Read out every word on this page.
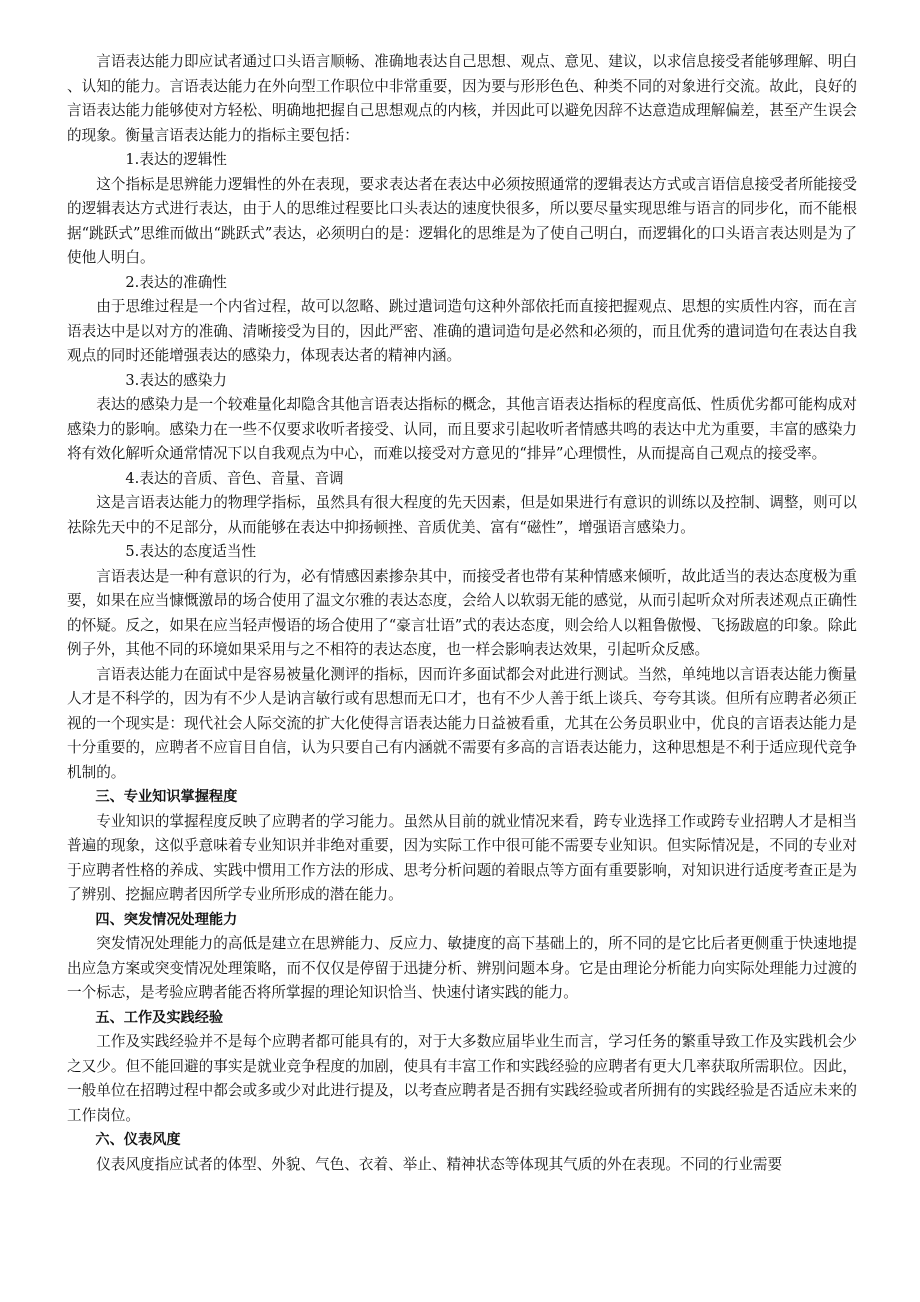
言语表达能力即应试者通过口头语言顺畅、准确地表达自己思想、观点、意见、建议，以求信息接受者能够理解、明白、认知的能力。言语表达能力在外向型工作职位中非常重要，因为要与形形色色、种类不同的对象进行交流。故此，良好的言语表达能力能够使对方轻松、明确地把握自己思想观点的内核，并因此可以避免因辞不达意造成理解偏差，甚至产生误会的现象。衡量言语表达能力的指标主要包括：

1.表达的逻辑性

这个指标是思辨能力逻辑性的外在表现，要求表达者在表达中必须按照通常的逻辑表达方式或言语信息接受者所能接受的逻辑表达方式进行表达，由于人的思维过程要比口头表达的速度快很多，所以要尽量实现思维与语言的同步化，而不能根据“跳跃式”思维而做出“跳跃式”表达，必须明白的是：逻辑化的思维是为了使自己明白，而逻辑化的口头语言表达则是为了使他人明白。

2.表达的准确性

由于思维过程是一个内省过程，故可以忽略、跳过遣词造句这种外部依托而直接把握观点、思想的实质性内容，而在言语表达中是以对方的准确、清晰接受为目的，因此严密、准确的遣词造句是必然和必须的，而且优秀的遣词造句在表达自我观点的同时还能增强表达的感染力，体现表达者的精神内涵。

3.表达的感染力

表达的感染力是一个较难量化却隐含其他言语表达指标的概念，其他言语表达指标的程度高低、性质优劣都可能构成对感染力的影响。感染力在一些不仅要求收听者接受、认同，而且要求引起收听者情感共鸣的表达中尤为重要，丰富的感染力将有效化解听众通常情况下以自我观点为中心，而难以接受对方意见的“排异”心理惯性，从而提高自己观点的接受率。

4.表达的音质、音色、音量、音调

这是言语表达能力的物理学指标，虽然具有很大程度的先天因素，但是如果进行有意识的训练以及控制、调整，则可以祛除先天中的不足部分，从而能够在表达中抑扬顿挫、音质优美、富有“磁性”，增强语言感染力。

5.表达的态度适当性

言语表达是一种有意识的行为，必有情感因素掺杂其中，而接受者也带有某种情感来倾听，故此适当的表达态度极为重要，如果在应当慷慨激昂的场合使用了温文尔雅的表达态度，会给人以软弱无能的感觉，从而引起听众对所表述观点正确性的怀疑。反之，如果在应当轻声慢语的场合使用了“豪言壮语”式的表达态度，则会给人以粗鲁傲慢、飞扬跋扈的印象。除此例子外，其他不同的环境如果采用与之不相符的表达态度，也一样会影响表达效果，引起听众反感。

言语表达能力在面试中是容易被量化测评的指标，因而许多面试都会对此进行测试。当然，单纯地以言语表达能力衡量人才是不科学的，因为有不少人是讷言敏行或有思想而无口才，也有不少人善于纸上谈兵、夸夸其谈。但所有应聘者必须正视的一个现实是：现代社会人际交流的扩大化使得言语表达能力日益被看重，尤其在公务员职业中，优良的言语表达能力是十分重要的，应聘者不应盲目自信，认为只要自己有内涵就不需要有多高的言语表达能力，这种思想是不利于适应现代竞争机制的。

三、专业知识掌握程度

专业知识的掌握程度反映了应聘者的学习能力。虽然从目前的就业情况来看，跨专业选择工作或跨专业招聘人才是相当普遍的现象，这似乎意味着专业知识并非绝对重要，因为实际工作中很可能不需要专业知识。但实际情况是，不同的专业对于应聘者性格的养成、实践中惯用工作方法的形成、思考分析问题的着眼点等方面有重要影响，对知识进行适度考查正是为了辨别、挖掘应聘者因所学专业所形成的潜在能力。

四、突发情况处理能力

突发情况处理能力的高低是建立在思辨能力、反应力、敏捷度的高下基础上的，所不同的是它比后者更侧重于快速地提出应急方案或突变情况处理策略，而不仅仅是停留于迅捷分析、辨别问题本身。它是由理论分析能力向实际处理能力过渡的一个标志，是考验应聘者能否将所掌握的理论知识恰当、快速付诸实践的能力。

五、工作及实践经验

工作及实践经验并不是每个应聘者都可能具有的，对于大多数应届毕业生而言，学习任务的繁重导致工作及实践机会少之又少。但不能回避的事实是就业竞争程度的加剧，使具有丰富工作和实践经验的应聘者有更大几率获取所需职位。因此，一般单位在招聘过程中都会或多或少对此进行提及，以考查应聘者是否拥有实践经验或者所拥有的实践经验是否适应未来的工作岗位。

六、仪表风度

仪表风度指应试者的体型、外貌、气色、衣着、举止、精神状态等体现其气质的外在表现。不同的行业需要
